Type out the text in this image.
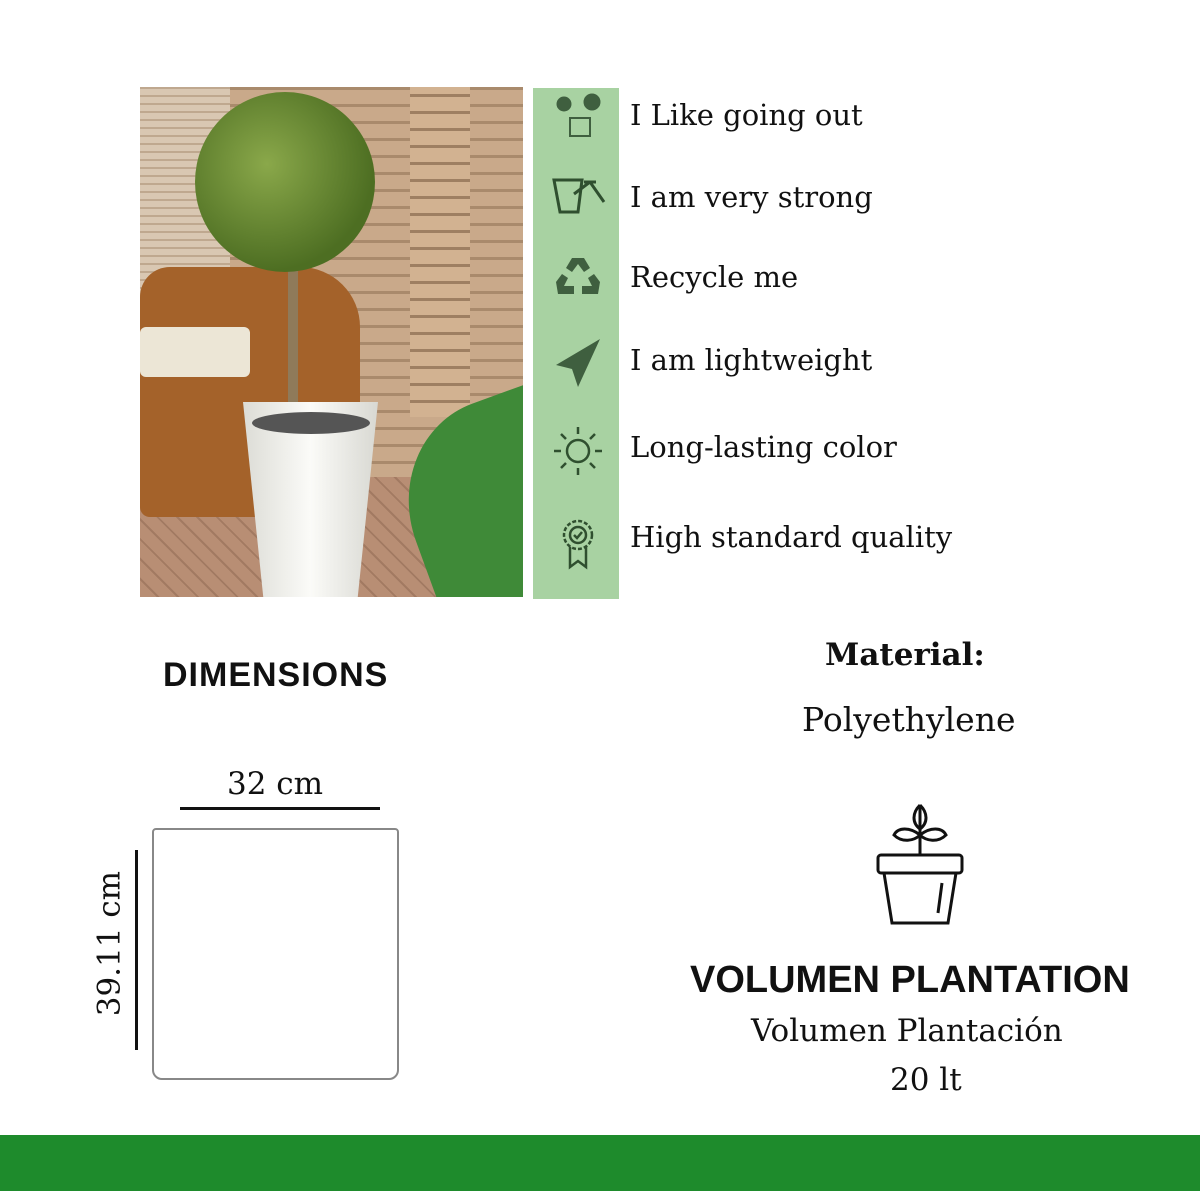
I Like going out
I am very strong
Recycle me
I am lightweight
Long-lasting color
High standard quality
DIMENSIONS
32 cm
39.11 cm
Material:
Polyethylene
VOLUMEN PLANTATION
Volumen Plantación
20 lt
